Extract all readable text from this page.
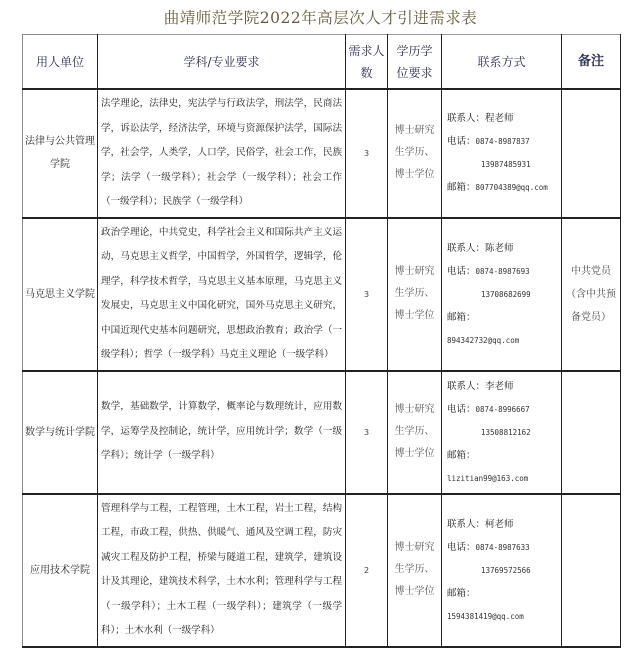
曲靖师范学院2022年高层次人才引进需求表
用人单位	学科/专业要求	需求人数	学历学位要求	联系方式	备注
法律与公共管理学院	法学理论，法律史，宪法学与行政法学，刑法学，民商法学，诉讼法学，经济法学，环境与资源保护法学，国际法学，社会学，人类学，人口学，民俗学，社会工作，民族学；法学（一级学科）；社会学（一级学科）；社会工作（一级学科）；民族学（一级学科）	3	博士研究生学历、博士学位	联系人：程老师
电话：0874-8987837
13987485931
邮箱：807704389@qq.com	

马克思主义学院	政治学理论，中共党史，科学社会主义和国际共产主义运动，马克思主义哲学，中国哲学，外国哲学，逻辑学，伦理学，科学技术哲学，马克思主义基本原理，马克思主义发展史，马克思主义中国化研究，国外马克思主义研究，中国近现代史基本问题研究，思想政治教育；政治学（一级学科）；哲学（一级学科）马克主义理论（一级学科）	3	博士研究生学历、博士学位	联系人：陈老师
电话：0874-8987693
13708682699
邮箱：
894342732@qq.com	中共党员（含中共预备党员）
数学与统计学院	数学，基础数学，计算数学，概率论与数理统计，应用数学，运筹学及控制论，统计学，应用统计学；数学（一级学科）；统计学（一级学科）	3	博士研究生学历、博士学位	联系人：李老师
电话：0874-8996667
13508812162
邮箱：
lizitian99@163.com	

应用技术学院	管理科学与工程，工程管理，土木工程，岩土工程，结构工程，市政工程，供热、供暖气、通风及空调工程，防灾减灾工程及防护工程，桥梁与隧道工程，建筑学，建筑设计及其理论，建筑技术科学，土木水利；管理科学与工程（一级学科）；土木工程（一级学科）；建筑学（一级学科）；土木水利（一级学科）	2	博士研究生学历、博士学位	联系人：柯老师
电话：0874-8987633
13769572566
邮箱：
1594381419@qq.com	
